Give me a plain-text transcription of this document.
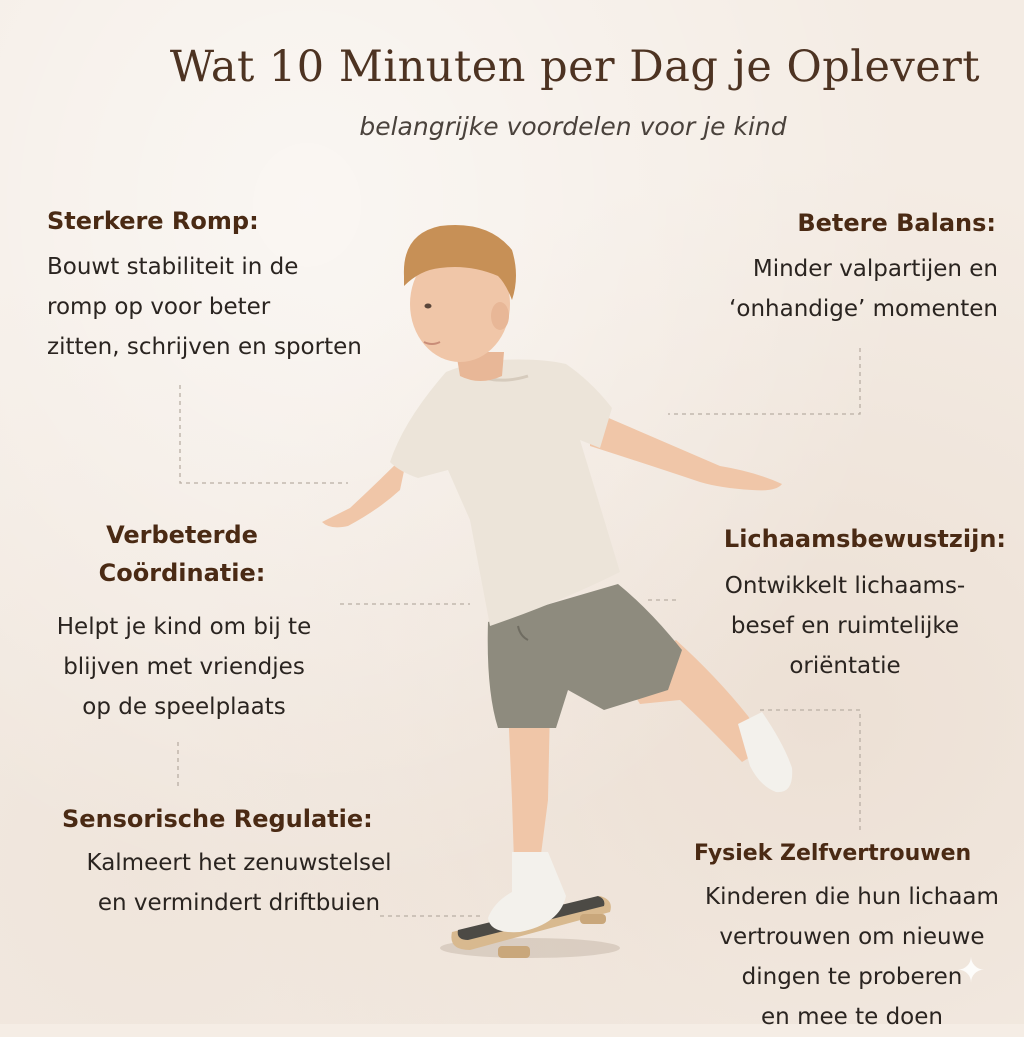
Wat 10 Minuten per Dag je Oplevert
belangrijke voordelen voor je kind
Sterkere Romp:
Bouwt stabiliteit in de
romp op voor beter
zitten, schrijven en sporten
Betere Balans:
Minder valpartijen en
‘onhandige’ momenten
Verbeterde
Coördinatie:
Helpt je kind om bij te
blijven met vriendjes
op de speelplaats
Lichaamsbewustzijn:
Ontwikkelt lichaams-
besef en ruimtelijke
oriëntatie
Sensorische Regulatie:
Kalmeert het zenuwstelsel
en vermindert driftbuien
Fysiek Zelfvertrouwen
Kinderen die hun lichaam
vertrouwen om nieuwe
dingen te proberen
en mee te doen
✦
